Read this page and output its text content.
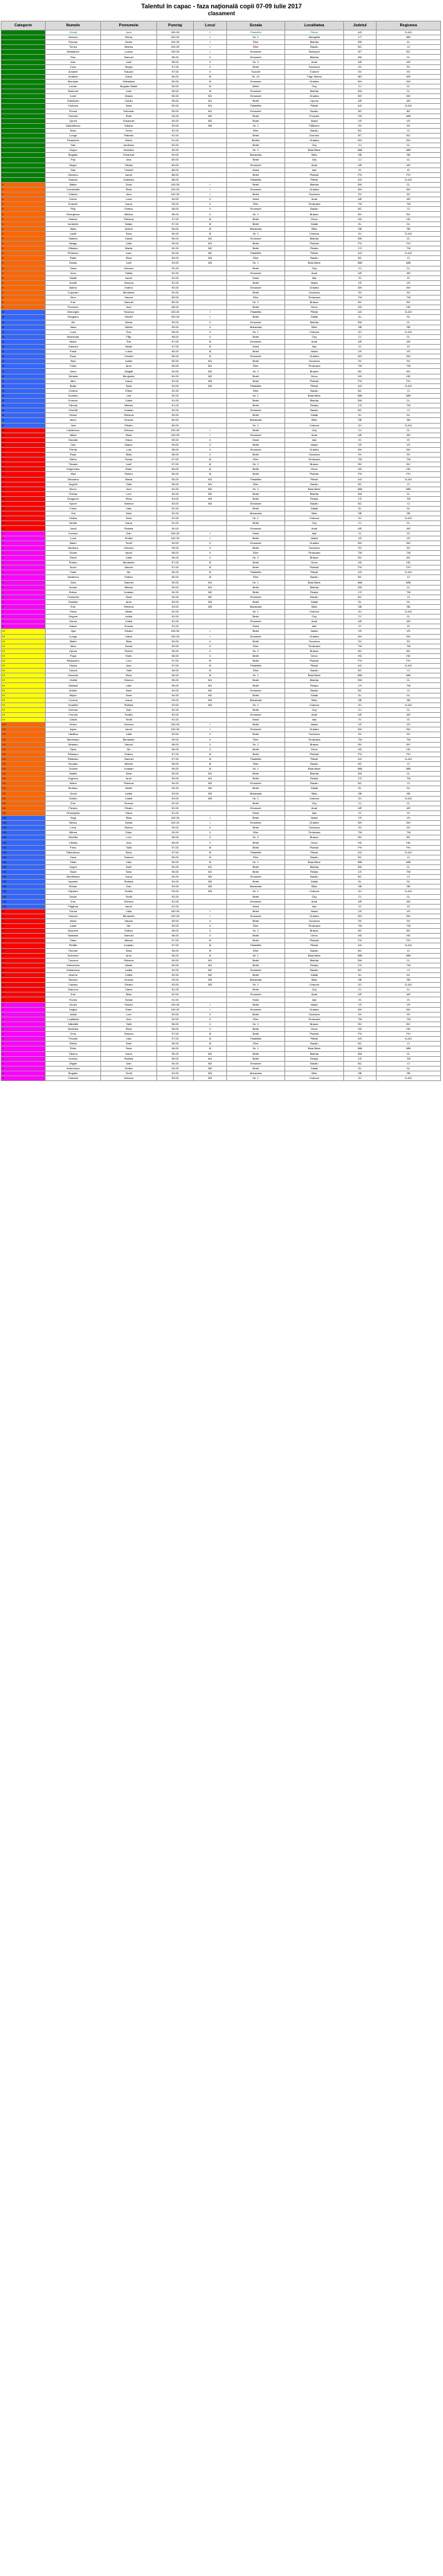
Talentul în capac - faza naţională copii 07-09 iulie 2017
clasament
Categorie	Numele	Prenumele	Punctaj	Locul	Scoala	Localitatea	Judetul	Regiunea
I	Ghiuţă	Ilaria	100.00	I	Filadelfia	Pitești	AG	D-AG
I	Ionescu	Elena	100.00	I	Nr. 1	Mangalia	CT	MN
I	Roman	Denis	100.00	I	Elim	Bistrița	BN	CL
I	Tonea	Marius	100.00	I	Elim	Bacău	BC	CI
I	Mihalache	Lucian	100.00	I	Emanuel	Botoșani	BT	BC
I	Rus	Samuel	98.00	II	Emanuel	Bistrița	BN	CL
I	Ivan	Iosif	98.00	II	Nr. 3	Arad	AR	AR
I	Cucu	Sergiu	97.00	II	Betel	Suceava	SV	SV
I	Amariei	Eduard	97.00	II	Tudorel	Tudorel	SV	SV
I	Hotăran	Daria	96.00	III	Nr. 10	Tîrgu Mureș	MS	MS
I	Mureșan	Sebastian	96.00	III	Emanuel	Oradea	BH	BH
I	Lucian	Bogdan Matei	96.00	III	Albini	Cluj	CJ	CL
I	Buterchi	Iosif	96.00	III	Emanuel	Bistrița	BN	CL
I	Ionel	Ileana	95.00	M1	Emanuel	Oradea	BH	BH
I	Grădinaru	Ovidiu	95.00	M1	Betel	Lipova	AR	AR
I	Ciobanu	Sara	95.00	M1	Filadelfia	Pitești	AG	D-AG
I	Florea	Deborah	95.00	M1	Emanuel	Buzău	BZ	BZ
I	Dumea	Ruth	94.00	M2	Betel	Focșani	VN	MM
I	Oprea	Emanuel	94.00	M2	Betel	Vaslui	VS	VS
I	Dăscălescu	Iuliana	93.00	M3	Nr. 1	Fălticeni	SV	SV
I	Marc	Tudor	92.00		Elim	Bacău	BC	CI
I	Lungu	Patricia	91.00		Betel	Dorohoi	BT	BC
I	Paraschiv	Marin	91.00		Bethel	Oradea	BH	BH
I	Sas	Andreea	90.00		Betel	Cluj	CJ	CL
I	Ungur	Damaris	90.00		Nr. 1	Baia Mare	MM	MM
I	Bogdan	Emanuel	90.00		Maranata	Sibiu	SB	SB
I	Pop	Ana	89.00		Betel	Dej	CJ	CL
I	Negru	Tobias	89.00		Emanuel	Arad	AR	AR
I	Dan	Timotei	88.00		Harul	Iași	IS	IS
I	Mocanu	Iacob	88.00		Betel	Ploiești	PH	PH
I	Stanciu	Gabriela	88.00		Filadelfia	Pitești	AG	D-AG
II	Bălan	Dora	100.00	I	Betel	Bistrița	BN	CL
II	Constantin	Elisa	100.00	I	Emanuel	Oradea	BH	BH
II	Crăciun	Ana	100.00	I	Betel	Suceava	SV	SV
II	Dobre	Luca	99.00	II	Harul	Arad	AR	AR
II	Enache	Iosua	99.00	II	Elim	Timișoara	TM	TM
II	Filip	Estera	98.00	II	Emanuel	Bacău	BC	CI
II	Georgescu	Miriam	98.00	II	Nr. 2	Brașov	BV	BV
II	Haiduc	Rebeca	97.00	III	Betel	Deva	HD	HD
II	Iordache	Natan	97.00	III	Betel	Galați	GL	GL
II	Jitaru	Andrei	96.00	III	Maranata	Sibiu	SB	SB
II	Lazăr	Sara	96.00	III	Nr. 1	Craiova	DJ	D-AG
II	Manea	David	95.00	M1	Emanuel	Bistrița	BN	CL
II	Neagu	Lidia	95.00	M1	Betel	Ploiești	PH	PH
II	Olteanu	Marta	94.00	M2	Betel	Reșița	CS	TM
II	Petrescu	Ioan	94.00	M2	Filadelfia	Pitești	AG	D-AG
II	Radu	Eliza	93.00	M3	Elim	Bacău	BC	CI
II	Sandu	Iosif	93.00	M3	Nr. 1	Baia Mare	MM	MM
II	Toma	Debora	92.00		Betel	Cluj	CJ	CL
II	Ursu	Tabita	92.00		Emanuel	Arad	AR	AR
II	Vasile	Iacob	91.00		Harul	Iași	IS	IS
II	Zamfir	Simona	91.00		Betel	Vaslui	VS	VS
II	Barbu	Estera	90.00		Emanuel	Oradea	BH	BH
II	Cojocaru	Beniamin	90.00		Betel	Suceava	SV	SV
II	Dinu	Naomi	89.00		Elim	Timișoara	TM	TM
II	Ene	Samuel	89.00		Nr. 2	Brașov	BV	BV
II	Florescu	Ana	88.00		Betel	Deva	HD	HD
III	Gheorghe	Teodora	100.00	I	Filadelfia	Pitești	AG	D-AG
III	Hanganu	Daniel	100.00	I	Betel	Galați	GL	GL
III	Ilie	Maria	99.00	II	Emanuel	Bistrița	BN	CL
III	Jianu	Ștefan	99.00	II	Maranata	Sibiu	SB	SB
III	Lupu	Eva	98.00	II	Nr. 1	Craiova	DJ	D-AG
III	Moldovan	Filip	98.00	II	Betel	Cluj	CJ	CL
III	Nistor	Rut	97.00	III	Emanuel	Arad	AR	AR
III	Oancea	Matei	97.00	III	Harul	Iași	IS	IS
III	Pană	Loida	96.00	III	Betel	Vaslui	VS	VS
III	Rusu	Timotei	96.00	III	Emanuel	Oradea	BH	BH
III	Stan	Iudita	95.00	M1	Betel	Suceava	SV	SV
III	Tudor	Aron	95.00	M1	Elim	Timișoara	TM	TM
III	Voicu	Abigail	94.00	M2	Nr. 2	Brașov	BV	BV
III	Zaharia	Benjamin	94.00	M2	Betel	Deva	HD	HD
III	Albu	Iosua	93.00	M3	Betel	Ploiești	PH	PH
III	Bratu	Sara	93.00	M3	Filadelfia	Pitești	AG	D-AG
III	Cristea	Elisei	92.00		Elim	Bacău	BC	CI
III	Dumitru	Lea	92.00		Nr. 1	Baia Mare	MM	MM
III	Enescu	Caleb	91.00		Betel	Bistrița	BN	CL
III	Fărcaș	Miriam	91.00		Betel	Reșița	CS	TM
III	Gavrilă	Ionatan	90.00		Emanuel	Bacău	BC	CI
III	Husar	Rebeca	90.00		Betel	Galați	GL	GL
III	Iancu	Dorcas	89.00		Maranata	Sibiu	SB	SB
III	Jura	Efraim	89.00		Nr. 1	Craiova	DJ	D-AG
IV	Lăzărescu	Debora	100.00	I	Betel	Cluj	CJ	CL
IV	Mihai	Elias	100.00	I	Emanuel	Arad	AR	AR
IV	Niculae	Hana	99.00	II	Harul	Iași	IS	IS
IV	Onu	Marcu	99.00	II	Betel	Vaslui	VS	VS
IV	Preda	Lois	98.00	II	Emanuel	Oradea	BH	BH
IV	Roșu	Silas	98.00	II	Betel	Suceava	SV	SV
IV	Sârbu	Tamar	97.00	III	Elim	Timișoara	TM	TM
IV	Tănase	Iosif	97.00	III	Nr. 2	Brașov	BV	BV
IV	Ungureanu	Ester	96.00	III	Betel	Deva	HD	HD
IV	Vlad	Ruben	96.00	III	Betel	Ploiești	PH	PH
IV	Zăvoianu	Maria	95.00	M1	Filadelfia	Pitești	AG	D-AG
IV	Anghel	Tobit	95.00	M1	Elim	Bacău	BC	CI
IV	Bucur	Ana	94.00	M2	Nr. 1	Baia Mare	MM	MM
IV	Chiriac	Levi	94.00	M2	Betel	Bistrița	BN	CL
IV	Dragomir	Eliza	93.00	M3	Betel	Reșița	CS	TM
IV	Epure	Simeon	93.00	M3	Emanuel	Bacău	BC	CI
IV	Fodor	Iulia	92.00		Betel	Galați	GL	GL
IV	Gal	Noel	92.00		Maranata	Sibiu	SB	SB
IV	Hodoș	Sara	91.00		Nr. 1	Craiova	DJ	D-AG
IV	Istrate	Iosua	91.00		Betel	Cluj	CJ	CL
IV	Jurcă	Rahela	90.00		Emanuel	Arad	AR	AR
V	Kovacs	Dan	100.00	I	Harul	Iași	IS	IS
V	Luca	Emilia	100.00	I	Betel	Vaslui	VS	VS
V	Marin	Teofil	99.00	II	Emanuel	Oradea	BH	BH
V	Nedelcu	Debora	99.00	II	Betel	Suceava	SV	SV
V	Orban	Iacob	98.00	II	Elim	Timișoara	TM	TM
V	Pavel	Lidia	98.00	II	Nr. 2	Brașov	BV	BV
V	Rotaru	Beniamin	97.00	III	Betel	Deva	HD	HD
V	Suciu	Naomi	97.00	III	Betel	Ploiești	PH	PH
V	Todor	Ilie	96.00	III	Filadelfia	Pitești	AG	D-AG
V	Vasilescu	Estera	96.00	III	Elim	Bacău	BC	CI
V	Zota	Samuel	95.00	M1	Nr. 1	Baia Mare	MM	MM
V	Avram	Miriam	95.00	M1	Betel	Bistrița	BN	CL
V	Boboc	Ionatan	94.00	M2	Betel	Reșița	CS	TM
V	Costache	Sara	94.00	M2	Emanuel	Bacău	BC	CI
V	Damian	Aron	93.00	M3	Betel	Galați	GL	GL
V	Ene	Rebeca	93.00	M3	Maranata	Sibiu	SB	SB
V	Fulea	Matei	92.00		Nr. 1	Craiova	DJ	D-AG
V	Grigore	Iudita	92.00		Betel	Cluj	CJ	CL
V	Horea	Caleb	91.00		Emanuel	Arad	AR	AR
V	Ivașcu	Dorcas	91.00		Harul	Iași	IS	IS
VI	Jipa	Efraim	100.00	I	Betel	Vaslui	VS	VS
VI	Lungu	Hana	100.00	I	Emanuel	Oradea	BH	BH
VI	Matei	Silas	99.00	II	Betel	Suceava	SV	SV
VI	Nica	Tamar	99.00	II	Elim	Timișoara	TM	TM
VI	Oprea	Ruben	98.00	II	Nr. 2	Brașov	BV	BV
VI	Popa	Ester	98.00	II	Betel	Deva	HD	HD
VI	Răducanu	Levi	97.00	III	Betel	Ploiești	PH	PH
VI	Stoica	Ana	97.00	III	Filadelfia	Pitești	AG	D-AG
VI	Tarcea	Tobit	96.00	III	Elim	Bacău	BC	CI
VI	Ursache	Eliza	96.00	III	Nr. 1	Baia Mare	MM	MM
VI	Vintilă	Simeon	95.00	M1	Betel	Bistrița	BN	CL
VI	Zăbavă	Iulia	95.00	M1	Betel	Reșița	CS	TM
VI	Andrei	Noel	94.00	M2	Emanuel	Bacău	BC	CI
VI	Bejan	Sara	94.00	M2	Betel	Galați	GL	GL
VI	Cozma	Iosua	93.00	M3	Maranata	Sibiu	SB	SB
VI	Doroftei	Rahela	93.00	M3	Nr. 1	Craiova	DJ	D-AG
VI	Eremia	Dan	92.00		Betel	Cluj	CJ	CL
VI	Frunză	Emilia	92.00		Emanuel	Arad	AR	AR
VI	Gâlcă	Teofil	91.00		Harul	Iași	IS	IS
VII	Hrițcu	Debora	100.00	I	Betel	Vaslui	VS	VS
VII	Ispas	Iacob	100.00	I	Emanuel	Oradea	BH	BH
VII	Lăcătuș	Lidia	99.00	II	Betel	Suceava	SV	SV
VII	Munteanu	Beniamin	99.00	II	Elim	Timișoara	TM	TM
VII	Neamțu	Naomi	98.00	II	Nr. 2	Brașov	BV	BV
VII	Opriș	Ilie	98.00	II	Betel	Deva	HD	HD
VII	Pătrașcu	Estera	97.00	III	Betel	Ploiești	PH	PH
VII	Răileanu	Samuel	97.00	III	Filadelfia	Pitești	AG	D-AG
VII	Scutaru	Miriam	96.00	III	Elim	Bacău	BC	CI
VII	Tudose	Ionatan	96.00	III	Nr. 1	Baia Mare	MM	MM
VII	Vasiliu	Sara	95.00	M1	Betel	Bistrița	BN	CL
VII	Zugravu	Aron	95.00	M1	Betel	Reșița	CS	TM
VII	Aldea	Rebeca	94.00	M2	Emanuel	Bacău	BC	CI
VII	Burlacu	Matei	94.00	M2	Betel	Galați	GL	GL
VII	Ciucă	Iudita	93.00	M3	Maranata	Sibiu	SB	SB
VII	Dobrin	Caleb	93.00	M3	Nr. 1	Craiova	DJ	D-AG
VII	Ene	Dorcas	92.00		Betel	Cluj	CJ	CL
VII	Fieraru	Efraim	92.00		Emanuel	Arad	AR	AR
VII	Gheorghiu	Hana	91.00		Harul	Iași	IS	IS
VIII	Hagi	Silas	100.00	I	Betel	Vaslui	VS	VS
VIII	Iliescu	Tamar	100.00	I	Emanuel	Oradea	BH	BH
VIII	Leca	Ruben	99.00	II	Betel	Suceava	SV	SV
VIII	Mitrea	Ester	99.00	II	Elim	Timișoara	TM	TM
VIII	Nechita	Levi	98.00	II	Nr. 2	Brașov	BV	BV
VIII	Obreja	Ana	98.00	II	Betel	Deva	HD	HD
VIII	Pîrvu	Tobit	97.00	III	Betel	Ploiești	PH	PH
VIII	Rădulescu	Eliza	97.00	III	Filadelfia	Pitești	AG	D-AG
VIII	Sava	Simeon	96.00	III	Elim	Bacău	BC	CI
VIII	Tofan	Iulia	96.00	III	Nr. 1	Baia Mare	MM	MM
VIII	Ungur	Noel	95.00	M1	Betel	Bistrița	BN	CL
VIII	Vlase	Sara	95.00	M1	Betel	Reșița	CS	TM
VIII	Zamfirescu	Iosua	94.00	M2	Emanuel	Bacău	BC	CI
VIII	Apostol	Rahela	94.00	M2	Betel	Galați	GL	GL
VIII	Bîrsan	Dan	93.00	M3	Maranata	Sibiu	SB	SB
VIII	Căpraru	Emilia	93.00	M3	Nr. 1	Craiova	DJ	D-AG
VIII	Dediu	Teofil	92.00		Betel	Cluj	CJ	CL
VIII	Ene	Debora	92.00		Emanuel	Arad	AR	AR
VIII	Făgăraș	Iacob	91.00		Harul	Iași	IS	IS
IX	Gorea	Lidia	100.00	I	Betel	Vaslui	VS	VS
IX	Huțanu	Beniamin	100.00	I	Emanuel	Oradea	BH	BH
IX	Irimia	Naomi	99.00	II	Betel	Suceava	SV	SV
IX	Lazăr	Ilie	99.00	II	Elim	Timișoara	TM	TM
IX	Macovei	Estera	98.00	II	Nr. 2	Brașov	BV	BV
IX	Nastase	Samuel	98.00	II	Betel	Deva	HD	HD
IX	Olaru	Miriam	97.00	III	Betel	Ploiești	PH	PH
IX	Pintilie	Ionatan	97.00	III	Filadelfia	Pitești	AG	D-AG
IX	Roman	Sara	96.00	III	Elim	Bacău	BC	CI
IX	Solomon	Aron	96.00	III	Nr. 1	Baia Mare	MM	MM
IX	Țurcanu	Rebeca	95.00	M1	Betel	Bistrița	BN	CL
IX	Vrânceanu	Matei	95.00	M1	Betel	Reșița	CS	TM
IX	Zaharescu	Iudita	94.00	M2	Emanuel	Bacău	BC	CI
IX	Arsene	Caleb	94.00	M2	Betel	Galați	GL	GL
IX	Buzatu	Dorcas	93.00	M3	Maranata	Sibiu	SB	SB
IX	Cazacu	Efraim	93.00	M3	Nr. 1	Craiova	DJ	D-AG
IX	Diaconu	Hana	92.00		Betel	Cluj	CJ	CL
IX	Ene	Silas	92.00		Emanuel	Arad	AR	AR
IX	Florea	Tamar	91.00		Harul	Iași	IS	IS
X	Grosu	Ruben	100.00	I	Betel	Vaslui	VS	VS
X	Hogea	Ester	100.00	I	Emanuel	Oradea	BH	BH
X	Ioniță	Levi	99.00	II	Betel	Suceava	SV	SV
X	Lepădatu	Ana	99.00	II	Elim	Timișoara	TM	TM
X	Mănăilă	Tobit	98.00	II	Nr. 2	Brașov	BV	BV
X	Nedelea	Eliza	98.00	II	Betel	Deva	HD	HD
X	Oros	Simeon	97.00	III	Betel	Ploiești	PH	PH
X	Prodan	Iulia	97.00	III	Filadelfia	Pitești	AG	D-AG
X	Rădoi	Noel	96.00	III	Elim	Bacău	BC	CI
X	Sîrbu	Sara	96.00	III	Nr. 1	Baia Mare	MM	MM
X	Țăranu	Iosua	95.00	M1	Betel	Bistrița	BN	CL
X	Vornicu	Rahela	95.00	M1	Betel	Reșița	CS	TM
X	Zăgan	Dan	94.00	M2	Emanuel	Bacău	BC	CI
X	Antonescu	Emilia	94.00	M2	Betel	Galați	GL	GL
X	Bogdan	Teofil	93.00	M3	Maranata	Sibiu	SB	SB
X	Ciobanu	Debora	93.00	M3	Nr. 1	Craiova	DJ	D-AG
